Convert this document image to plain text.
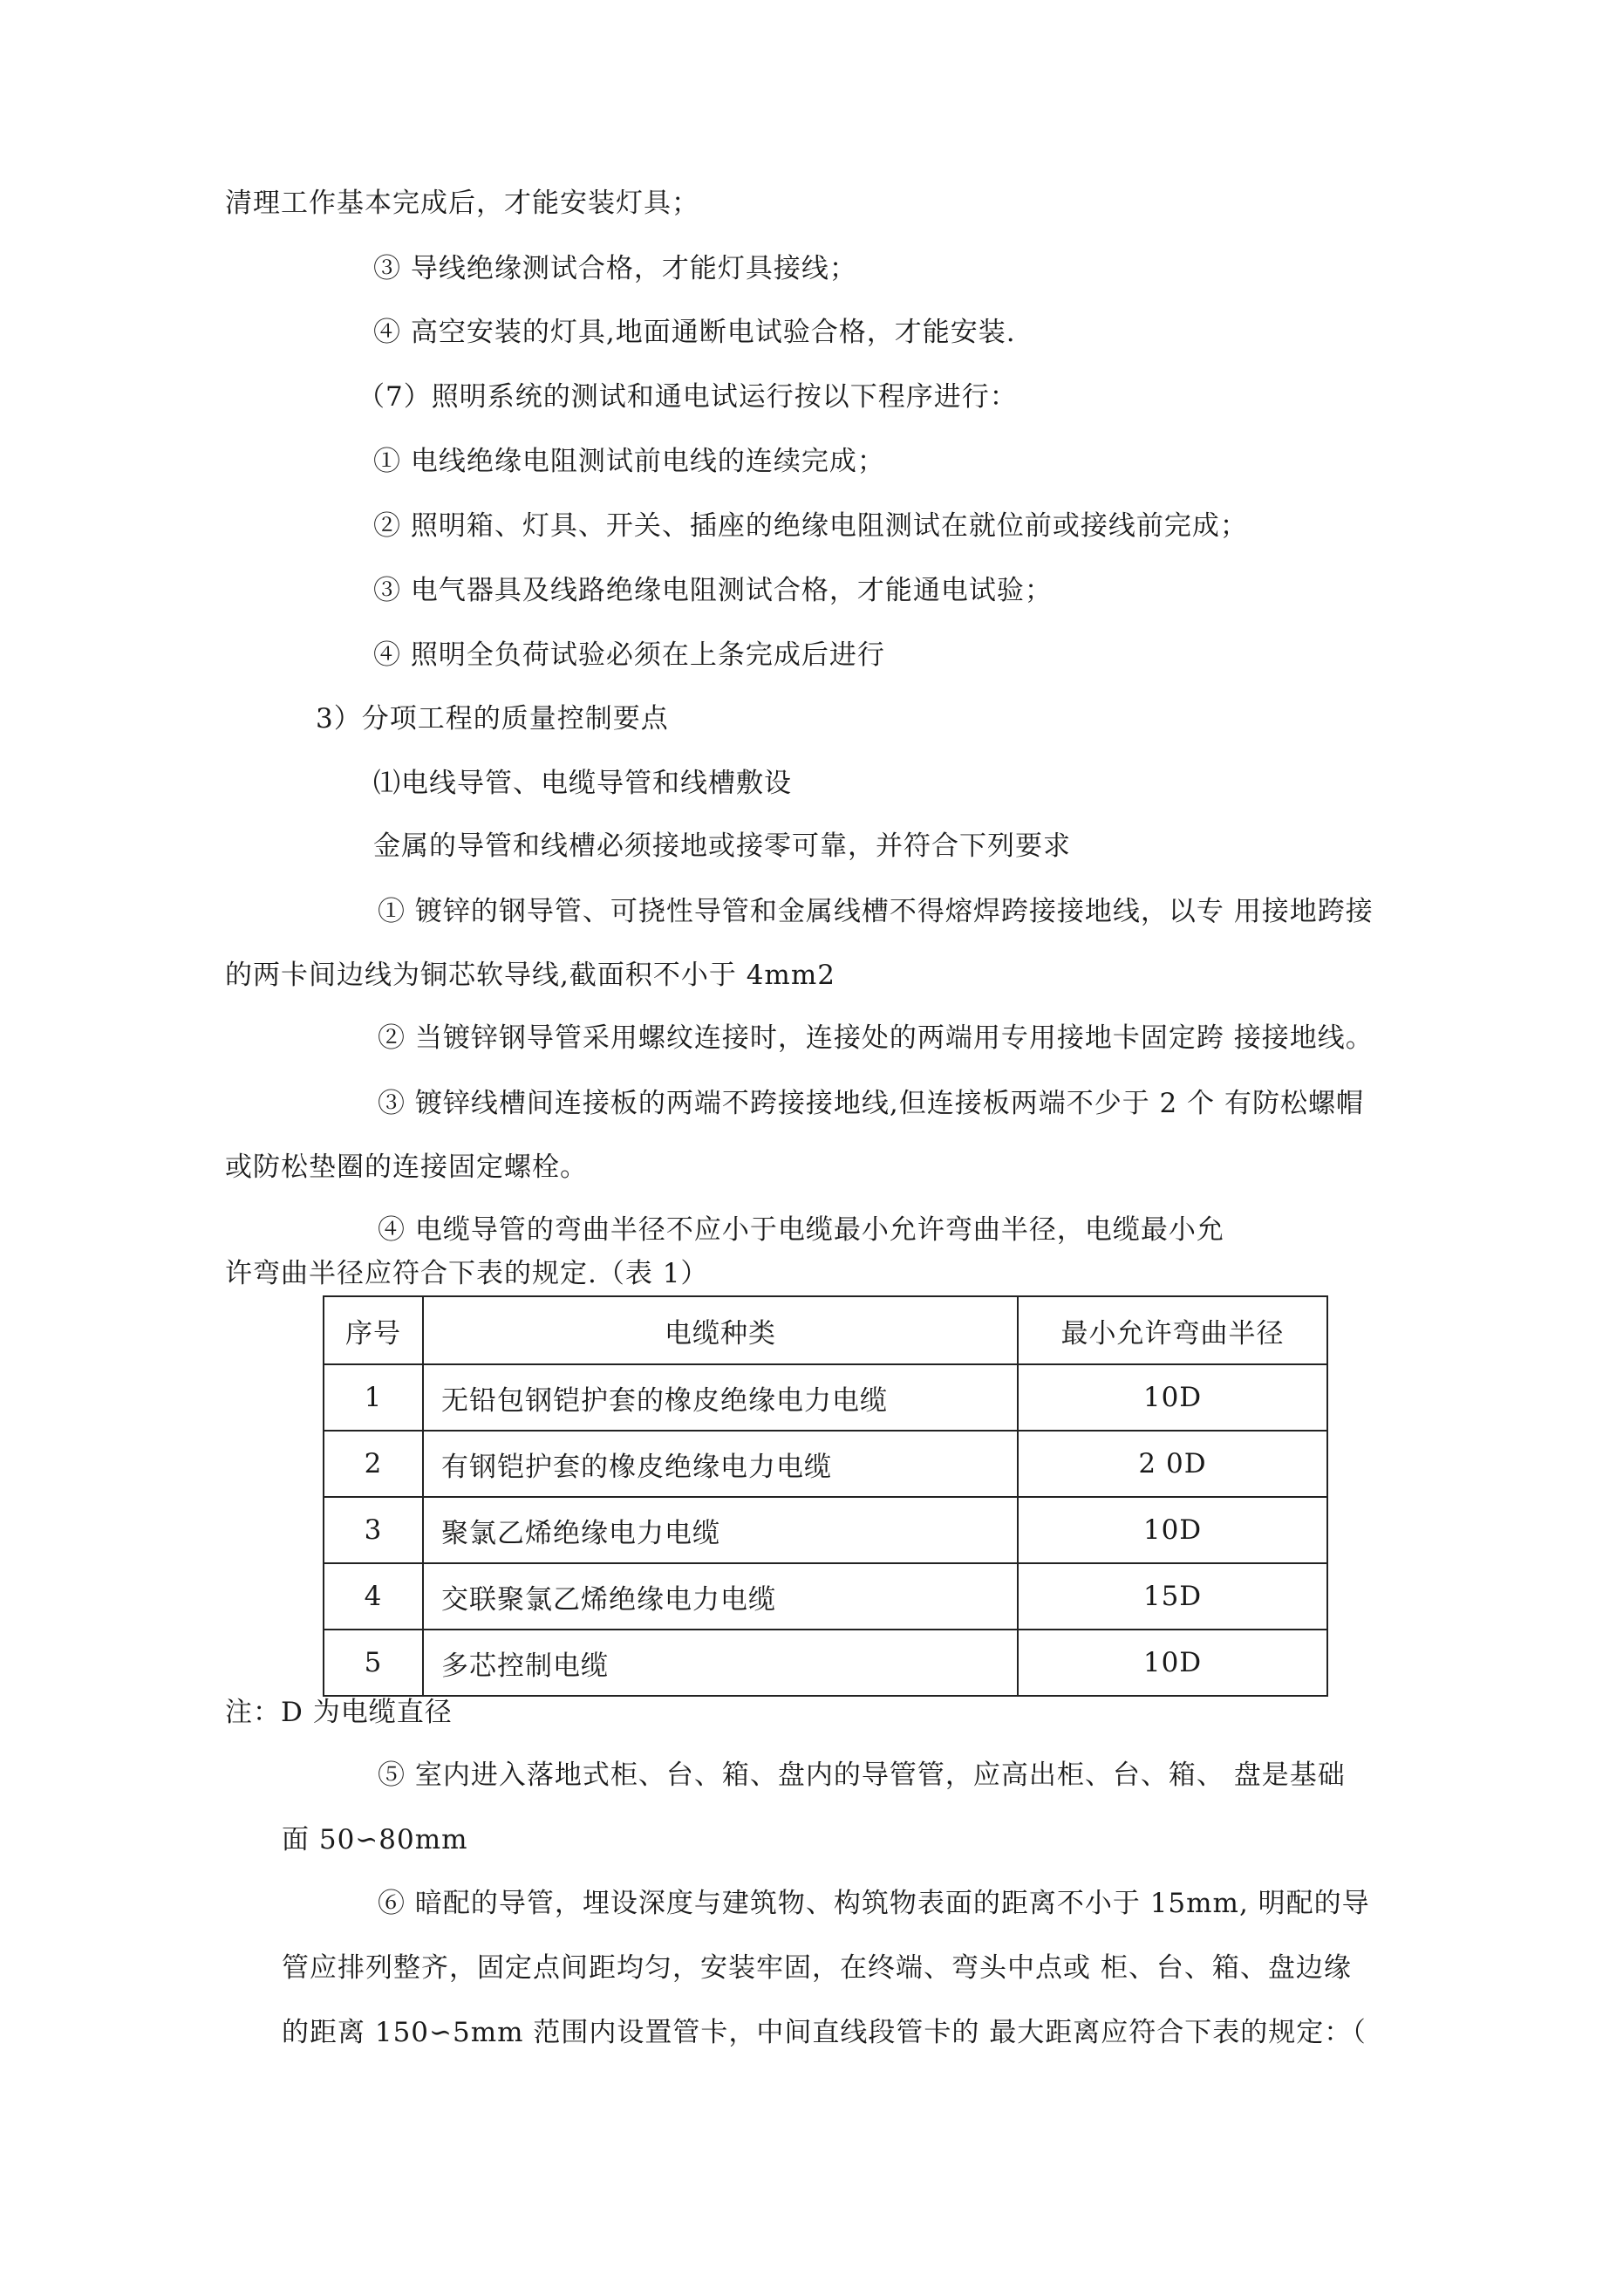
清理工作基本完成后，才能安装灯具；
③ 导线绝缘测试合格，才能灯具接线；
④ 高空安装的灯具,地面通断电试验合格，才能安装.
（7）照明系统的测试和通电试运行按以下程序进行：
① 电线绝缘电阻测试前电线的连续完成；
② 照明箱、灯具、开关、插座的绝缘电阻测试在就位前或接线前完成；
③ 电气器具及线路绝缘电阻测试合格，才能通电试验；
④ 照明全负荷试验必须在上条完成后进行
3）分项工程的质量控制要点
⑴电线导管、电缆导管和线槽敷设
金属的导管和线槽必须接地或接零可靠，并符合下列要求
① 镀锌的钢导管、可挠性导管和金属线槽不得熔焊跨接接地线，以专 用接地跨接
的两卡间边线为铜芯软导线,截面积不小于 4mm2
② 当镀锌钢导管采用螺纹连接时，连接处的两端用专用接地卡固定跨 接接地线。
③ 镀锌线槽间连接板的两端不跨接接地线,但连接板两端不少于 2 个 有防松螺帽
或防松垫圈的连接固定螺栓。
④ 电缆导管的弯曲半径不应小于电缆最小允许弯曲半径，电缆最小允
许弯曲半径应符合下表的规定.（表 1）
序号	电缆种类	最小允许弯曲半径
1	无铅包钢铠护套的橡皮绝缘电力电缆	10D
2	有钢铠护套的橡皮绝缘电力电缆	2 0D
3	聚氯乙烯绝缘电力电缆	10D
4	交联聚氯乙烯绝缘电力电缆	15D
5	多芯控制电缆	10D
注：D 为电缆直径
⑤ 室内进入落地式柜、台、箱、盘内的导管管，应高出柜、台、箱、 盘是基础
面 50∽80mm
⑥ 暗配的导管，埋设深度与建筑物、构筑物表面的距离不小于 15mm, 明配的导
管应排列整齐，固定点间距均匀，安装牢固，在终端、弯头中点或 柜、台、箱、盘边缘
的距离 150∽5mm 范围内设置管卡，中间直线段管卡的 最大距离应符合下表的规定：（
